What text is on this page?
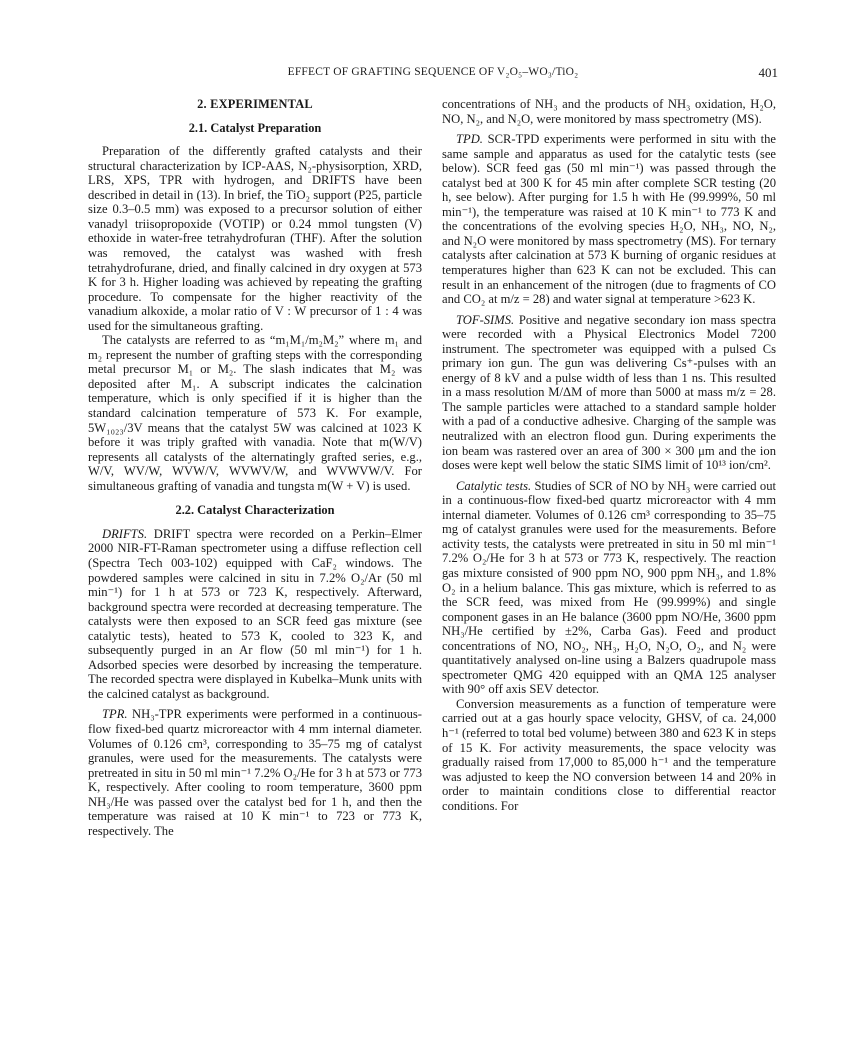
EFFECT OF GRAFTING SEQUENCE OF V₂O₅–WO₃/TiO₂	401
2. EXPERIMENTAL
2.1. Catalyst Preparation

Preparation of the differently grafted catalysts and their structural characterization by ICP-AAS, N₂-physisorption, XRD, LRS, XPS, TPR with hydrogen, and DRIFTS have been described in detail in (13). In brief, the TiO₂ support (P25, particle size 0.3–0.5 mm) was exposed to a precursor solution of either vanadyl triisopropoxide (VOTIP) or 0.24 mmol tungsten (V) ethoxide in water-free tetrahydrofuran (THF). After the solution was removed, the catalyst was washed with fresh tetrahydrofurane, dried, and finally calcined in dry oxygen at 573 K for 3 h. Higher loading was achieved by repeating the grafting procedure. To compensate for the higher reactivity of the vanadium alkoxide, a molar ratio of V : W precursor of 1 : 4 was used for the simultaneous grafting.

The catalysts are referred to as “m₁M₁/m₂M₂” where m₁ and m₂ represent the number of grafting steps with the corresponding metal precursor M₁ or M₂. The slash indicates that M₂ was deposited after M₁. A subscript indicates the calcination temperature, which is only specified if it is higher than the standard calcination temperature of 573 K. For example, 5W₁₀₂₃/3V means that the catalyst 5W was calcined at 1023 K before it was triply grafted with vanadia. Note that m(W/V) represents all catalysts of the alternatingly grafted series, e.g., W/V, WV/W, WVW/V, WVWV/W, and WVWVW/V. For simultaneous grafting of vanadia and tungsta m(W + V) is used.

2.2. Catalyst Characterization

DRIFTS. DRIFT spectra were recorded on a Perkin–Elmer 2000 NIR-FT-Raman spectrometer using a diffuse reflection cell (Spectra Tech 003-102) equipped with CaF₂ windows. The powdered samples were calcined in situ in 7.2% O₂/Ar (50 ml min⁻¹) for 1 h at 573 or 723 K, respectively. Afterward, background spectra were recorded at decreasing temperature. The catalysts were then exposed to an SCR feed gas mixture (see catalytic tests), heated to 573 K, cooled to 323 K, and subsequently purged in an Ar flow (50 ml min⁻¹) for 1 h. Adsorbed species were desorbed by increasing the temperature. The recorded spectra were displayed in Kubelka–Munk units with the calcined catalyst as background.

TPR. NH₃-TPR experiments were performed in a continuous-flow fixed-bed quartz microreactor with 4 mm internal diameter. Volumes of 0.126 cm³, corresponding to 35–75 mg of catalyst granules, were used for the measurements. The catalysts were pretreated in situ in 50 ml min⁻¹ 7.2% O₂/He for 3 h at 573 or 773 K, respectively. After cooling to room temperature, 3600 ppm NH₃/He was passed over the catalyst bed for 1 h, and then the temperature was raised at 10 K min⁻¹ to 723 or 773 K, respectively. The

concentrations of NH₃ and the products of NH₃ oxidation, H₂O, NO, N₂, and N₂O, were monitored by mass spectrometry (MS).

TPD. SCR-TPD experiments were performed in situ with the same sample and apparatus as used for the catalytic tests (see below). SCR feed gas (50 ml min⁻¹) was passed through the catalyst bed at 300 K for 45 min after complete SCR testing (20 h, see below). After purging for 1.5 h with He (99.999%, 50 ml min⁻¹), the temperature was raised at 10 K min⁻¹ to 773 K and the concentrations of the evolving species H₂O, NH₃, NO, N₂, and N₂O were monitored by mass spectrometry (MS). For ternary catalysts after calcination at 573 K burning of organic residues at temperatures higher than 623 K can not be excluded. This can result in an enhancement of the nitrogen (due to fragments of CO and CO₂ at m/z = 28) and water signal at temperature >623 K.

TOF-SIMS. Positive and negative secondary ion mass spectra were recorded with a Physical Electronics Model 7200 instrument. The spectrometer was equipped with a pulsed Cs primary ion gun. The gun was delivering Cs⁺-pulses with an energy of 8 kV and a pulse width of less than 1 ns. This resulted in a mass resolution M/ΔM of more than 5000 at mass m/z = 28. The sample particles were attached to a standard sample holder with a pad of a conductive adhesive. Charging of the sample was neutralized with an electron flood gun. During experiments the ion beam was rastered over an area of 300 × 300 μm and the ion doses were kept well below the static SIMS limit of 10¹³ ion/cm².

Catalytic tests. Studies of SCR of NO by NH₃ were carried out in a continuous-flow fixed-bed quartz microreactor with 4 mm internal diameter. Volumes of 0.126 cm³ corresponding to 35–75 mg of catalyst granules were used for the measurements. Before activity tests, the catalysts were pretreated in situ in 50 ml min⁻¹ 7.2% O₂/He for 3 h at 573 or 773 K, respectively. The reaction gas mixture consisted of 900 ppm NO, 900 ppm NH₃, and 1.8% O₂ in a helium balance. This gas mixture, which is referred to as the SCR feed, was mixed from He (99.999%) and single component gases in an He balance (3600 ppm NO/He, 3600 ppm NH₃/He certified by ±2%, Carba Gas). Feed and product concentrations of NO, NO₂, NH₃, H₂O, N₂O, O₂, and N₂ were quantitatively analysed on-line using a Balzers quadrupole mass spectrometer QMG 420 equipped with an QMA 125 analyser with 90° off axis SEV detector.

Conversion measurements as a function of temperature were carried out at a gas hourly space velocity, GHSV, of ca. 24,000 h⁻¹ (referred to total bed volume) between 380 and 623 K in steps of 15 K. For activity measurements, the space velocity was gradually raised from 17,000 to 85,000 h⁻¹ and the temperature was adjusted to keep the NO conversion between 14 and 20% in order to maintain conditions close to differential reactor conditions. For
